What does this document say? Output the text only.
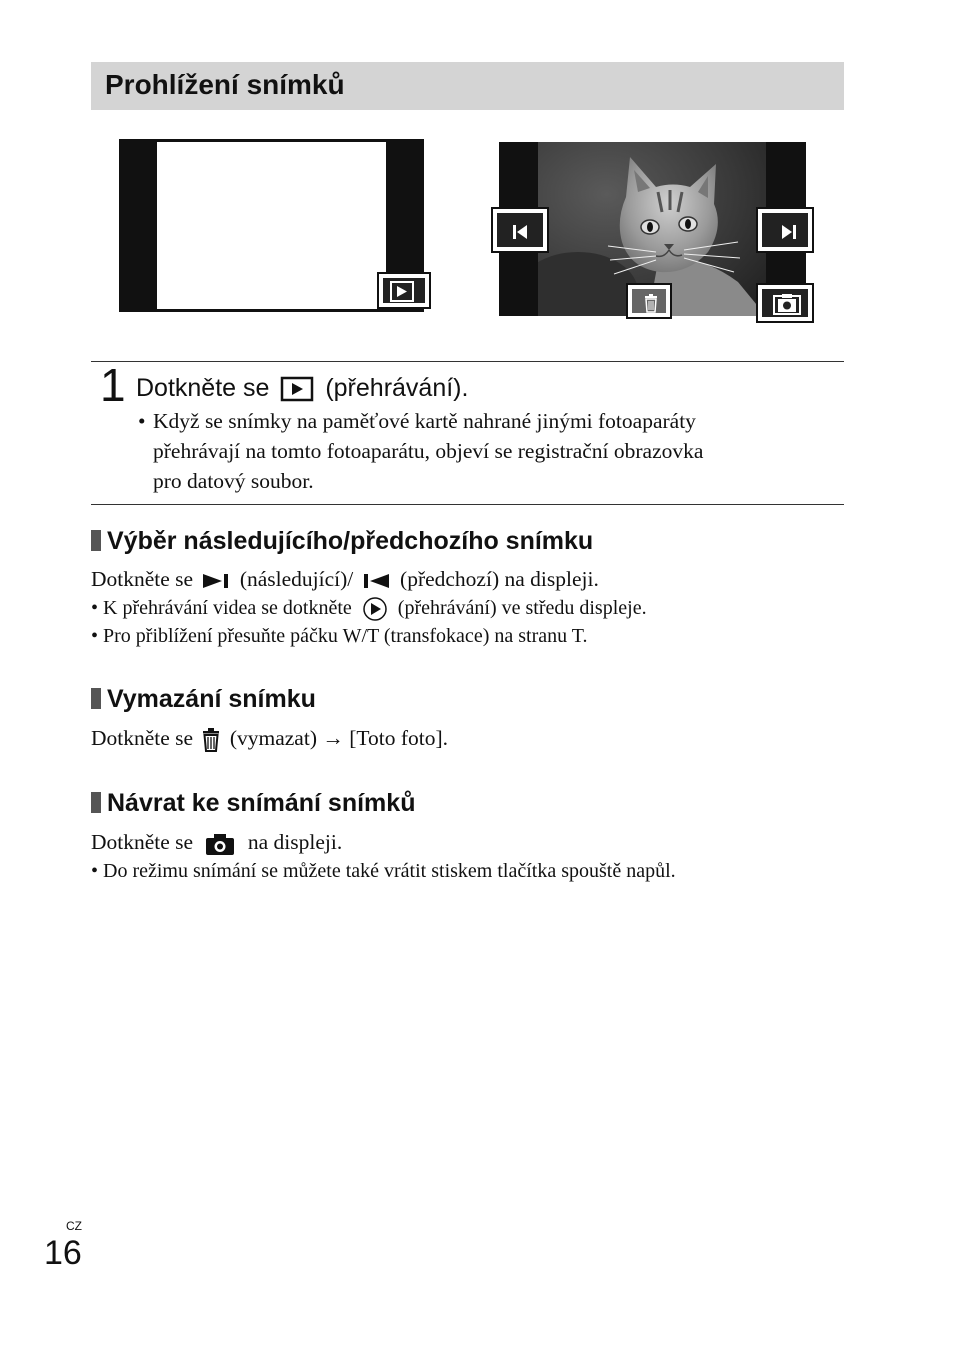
Prohlížení snímků
1 Dotkněte se (přehrávání).
• Když se snímky na paměťové kartě nahrané jinými fotoaparáty
přehrávají na tomto fotoaparátu, objeví se registrační obrazovka
pro datový soubor.
Výběr následujícího/předchozího snímku
Dotkněte se (následující)/ (předchozí) na displeji.
• K přehrávání videa se dotkněte (přehrávání) ve středu displeje.
• Pro přiblížení přesuňte páčku W/T (transfokace) na stranu T.
Vymazání snímku
Dotkněte se (vymazat) → [Toto foto].
Návrat ke snímání snímků
Dotkněte se	na displeji.
• Do režimu snímání se můžete také vrátit stiskem tlačítka spouště napůl.
CZ
16
